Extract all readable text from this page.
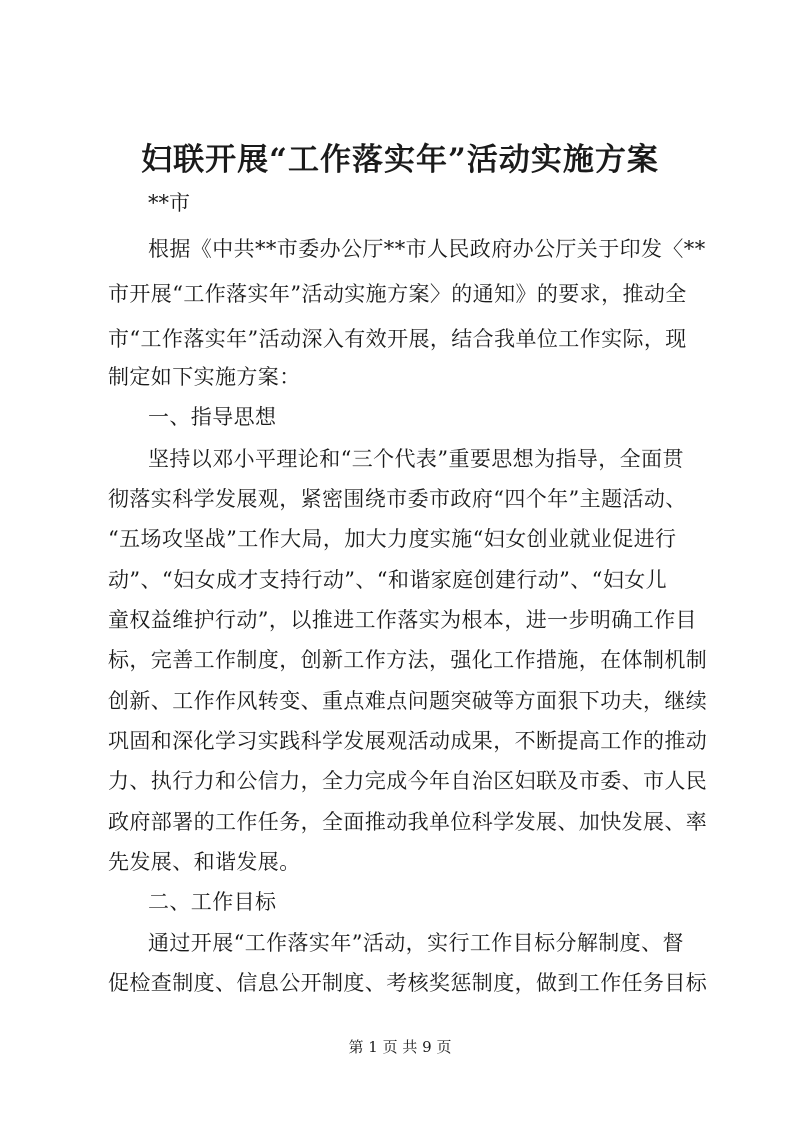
妇联开展“工作落实年”活动实施方案

**市

根据《中共**市委办公厅**市人民政府办公厅关于印发〈**

市开展“工作落实年”活动实施方案〉的通知》的要求，推动全

市“工作落实年”活动深入有效开展，结合我单位工作实际，现

制定如下实施方案：

一、指导思想

坚持以邓小平理论和“三个代表”重要思想为指导，全面贯

彻落实科学发展观，紧密围绕市委市政府“四个年”主题活动、

“五场攻坚战”工作大局，加大力度实施“妇女创业就业促进行

动”、“妇女成才支持行动”、“和谐家庭创建行动”、“妇女儿

童权益维护行动”，以推进工作落实为根本，进一步明确工作目

标，完善工作制度，创新工作方法，强化工作措施，在体制机制

创新、工作作风转变、重点难点问题突破等方面狠下功夫，继续

巩固和深化学习实践科学发展观活动成果，不断提高工作的推动

力、执行力和公信力，全力完成今年自治区妇联及市委、市人民

政府部署的工作任务，全面推动我单位科学发展、加快发展、率

先发展、和谐发展。

二、工作目标

通过开展“工作落实年”活动，实行工作目标分解制度、督

促检查制度、信息公开制度、考核奖惩制度，做到工作任务目标

第 1 页 共 9 页
